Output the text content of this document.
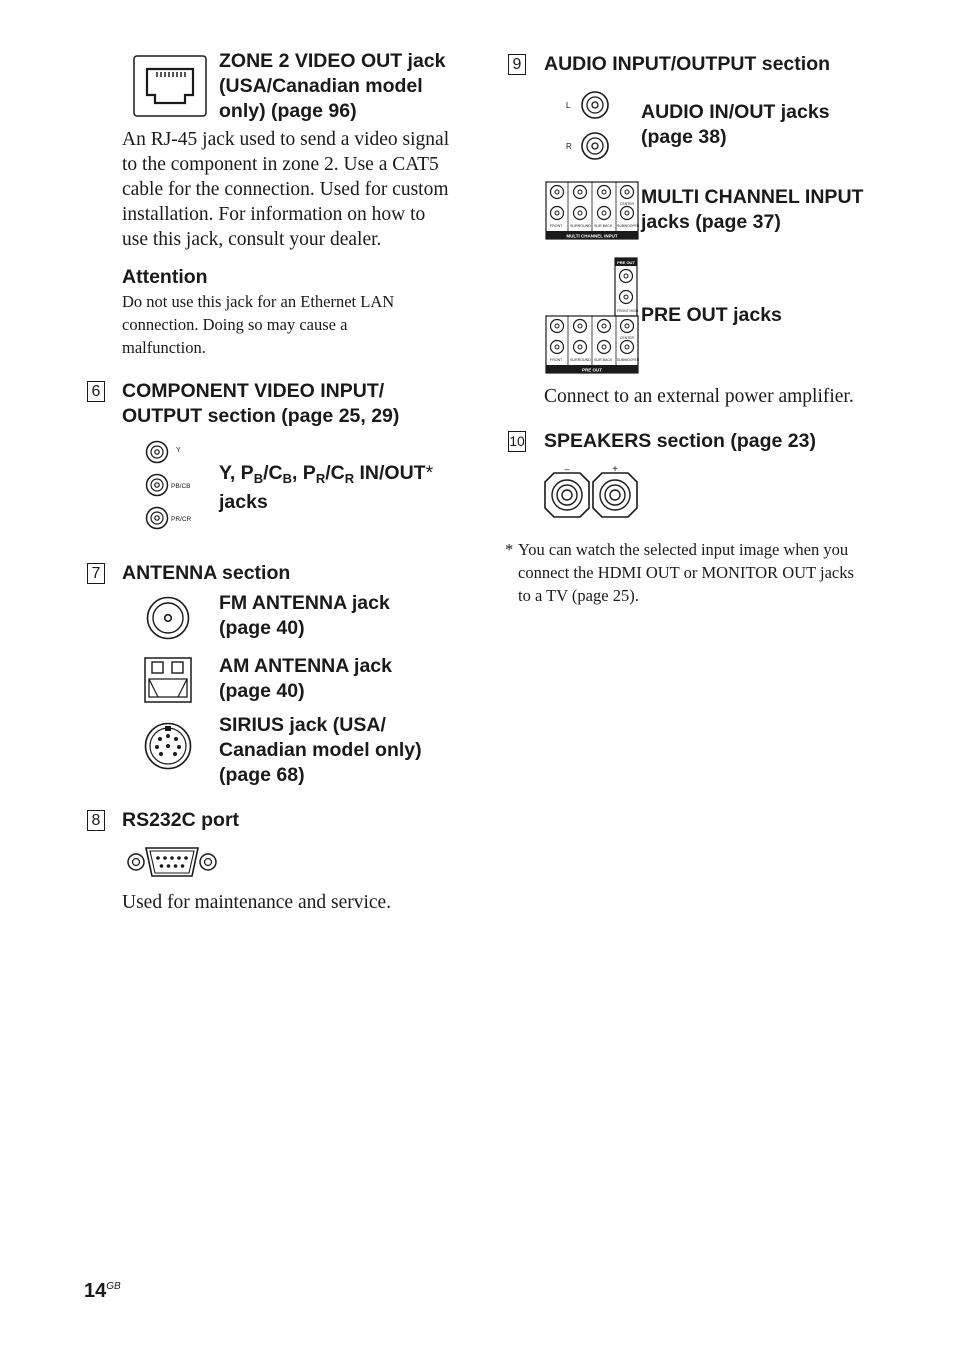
ZONE 2 VIDEO OUT jack
(USA/Canadian model
only) (page 96)
An RJ-45 jack used to send a video signal
to the component in zone 2. Use a CAT5
cable for the connection. Used for custom
installation. For information on how to
use this jack, consult your dealer.
Attention
Do not use this jack for an Ethernet LAN
connection. Doing so may cause a
malfunction.
6 COMPONENT VIDEO INPUT/
OUTPUT section (page 25, 29)
Y
PB/CB
PR/CR
Y, $P_B/C_B$, $P_R/C_R$ IN/OUT*
jacks
7 ANTENNA section
FM ANTENNA jack
(page 40)
AM ANTENNA jack
(page 40)
SIRIUS jack (USA/
Canadian model only)
(page 68)
8 RS232C port
Used for maintenance and service.
9 AUDIO INPUT/OUTPUT section
L
R
AUDIO IN/OUT jacks
(page 38)
FRONT SURROUND SUR BACK SUBWOOFER
CENTER
MULTI CHANNEL INPUT
MULTI CHANNEL INPUT
jacks (page 37)
PRE OUT
FRONT HIGH
FRONT SURROUND SUR BACK SUBWOOFER
CENTER
PRE OUT
PRE OUT jacks
Connect to an external power amplifier.
10 SPEAKERS section (page 23)
–	+
* You can watch the selected input image when you
connect the HDMI OUT or MONITOR OUT jacks
to a TV (page 25).
$14^{GB}$
